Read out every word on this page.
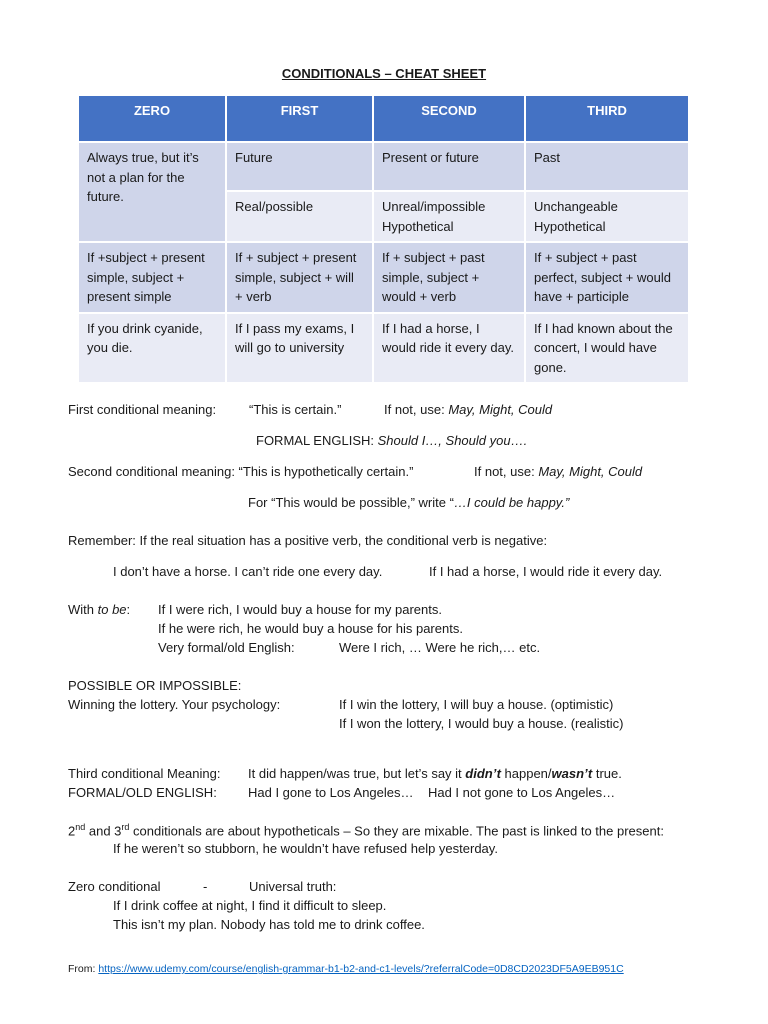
CONDITIONALS – CHEAT SHEET
ZERO	FIRST	SECOND	THIRD
Always true, but it’s not a plan for the future.	Future	Present or future	Past
	Real/possible	Unreal/impossible Hypothetical	Unchangeable Hypothetical
If +subject + present simple, subject + present simple	If + subject + present simple, subject + will + verb	If + subject + past simple, subject + would + verb	If + subject + past perfect, subject + would have + participle
If you drink cyanide, you die.	If I pass my exams, I will go to university	If I had a horse, I would ride it every day.	If I had known about the concert, I would have gone.
First conditional meaning:	“This is certain.”	If not, use: May, Might, Could
FORMAL ENGLISH: Should I…, Should you….
Second conditional meaning: “This is hypothetically certain.”	If not, use: May, Might, Could
For “This would be possible,” write “…I could be happy.”
Remember: If the real situation has a positive verb, the conditional verb is negative:
I don’t have a horse. I can’t ride one every day.	If I had a horse, I would ride it every day.
With to be: If I were rich, I would buy a house for my parents.
If he were rich, he would buy a house for his parents.
Very formal/old English:	Were I rich, … Were he rich,… etc.
POSSIBLE OR IMPOSSIBLE:
Winning the lottery. Your psychology:	If I win the lottery, I will buy a house. (optimistic)
If I won the lottery, I would buy a house. (realistic)
Third conditional Meaning: It did happen/was true, but let’s say it didn’t happen/wasn’t true.
FORMAL/OLD ENGLISH: Had I gone to Los Angeles…    Had I not gone to Los Angeles…
2nd and 3rd conditionals are about hypotheticals – So they are mixable. The past is linked to the present:
If he weren’t so stubborn, he wouldn’t have refused help yesterday.
Zero conditional	-	Universal truth:
If I drink coffee at night, I find it difficult to sleep.
This isn’t my plan. Nobody has told me to drink coffee.
From: https://www.udemy.com/course/english-grammar-b1-b2-and-c1-levels/?referralCode=0D8CD2023DF5A9EB951C
